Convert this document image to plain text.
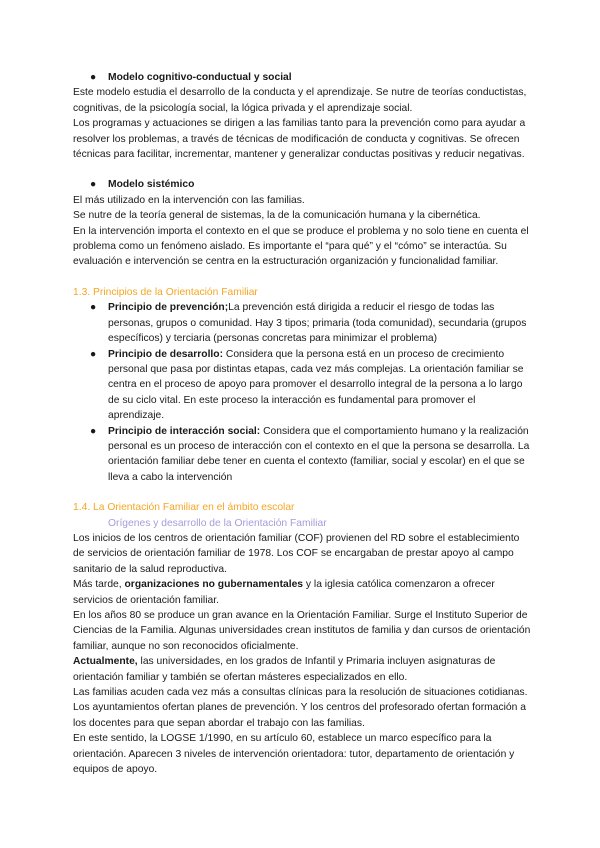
● Modelo cognitivo-conductual y social

Este modelo estudia el desarrollo de la conducta y el aprendizaje. Se nutre de teorías conductistas, cognitivas, de la psicología social, la lógica privada y el aprendizaje social.

Los programas y actuaciones se dirigen a las familias tanto para la prevención como para ayudar a resolver los problemas, a través de técnicas de modificación de conducta y cognitivas. Se ofrecen técnicas para facilitar, incrementar, mantener y generalizar conductas positivas y reducir negativas.

● Modelo sistémico

El más utilizado en la intervención con las familias.

Se nutre de la teoría general de sistemas, la de la comunicación humana y la cibernética.

En la intervención importa el contexto en el que se produce el problema y no solo tiene en cuenta el problema como un fenómeno aislado. Es importante el “para qué” y el “cómo” se interactúa. Su evaluación e intervención se centra en la estructuración organización y funcionalidad familiar.

1.3. Principios de la Orientación Familiar
● Principio de prevención;La prevención está dirigida a reducir el riesgo de todas las personas, grupos o comunidad. Hay 3 tipos; primaria (toda comunidad), secundaria (grupos específicos) y terciaria (personas concretas para minimizar el problema)
● Principio de desarrollo: Considera que la persona está en un proceso de crecimiento personal que pasa por distintas etapas, cada vez más complejas. La orientación familiar se centra en el proceso de apoyo para promover el desarrollo integral de la persona a lo largo de su ciclo vital. En este proceso la interacción es fundamental para promover el aprendizaje.
● Principio de interacción social: Considera que el comportamiento humano y la realización personal es un proceso de interacción con el contexto en el que la persona se desarrolla. La orientación familiar debe tener en cuenta el contexto (familiar, social y escolar) en el que se lleva a cabo la intervención
1.4. La Orientación Familiar en el ámbito escolar
Orígenes y desarrollo de la Orientación Familiar

Los inicios de los centros de orientación familiar (COF) provienen del RD sobre el establecimiento de servicios de orientación familiar de 1978. Los COF se encargaban de prestar apoyo al campo sanitario de la salud reproductiva.

Más tarde, organizaciones no gubernamentales y la iglesia católica comenzaron a ofrecer servicios de orientación familiar.

En los años 80 se produce un gran avance en la Orientación Familiar. Surge el Instituto Superior de Ciencias de la Familia. Algunas universidades crean institutos de familia y dan cursos de orientación familiar, aunque no son reconocidos oficialmente.

Actualmente, las universidades, en los grados de Infantil y Primaria incluyen asignaturas de orientación familiar y también se ofertan másteres especializados en ello.

Las familias acuden cada vez más a consultas clínicas para la resolución de situaciones cotidianas. Los ayuntamientos ofertan planes de prevención. Y los centros del profesorado ofertan formación a los docentes para que sepan abordar el trabajo con las familias.

En este sentido, la LOGSE 1/1990, en su artículo 60, establece un marco específico para la orientación. Aparecen 3 niveles de intervención orientadora: tutor, departamento de orientación y equipos de apoyo.
